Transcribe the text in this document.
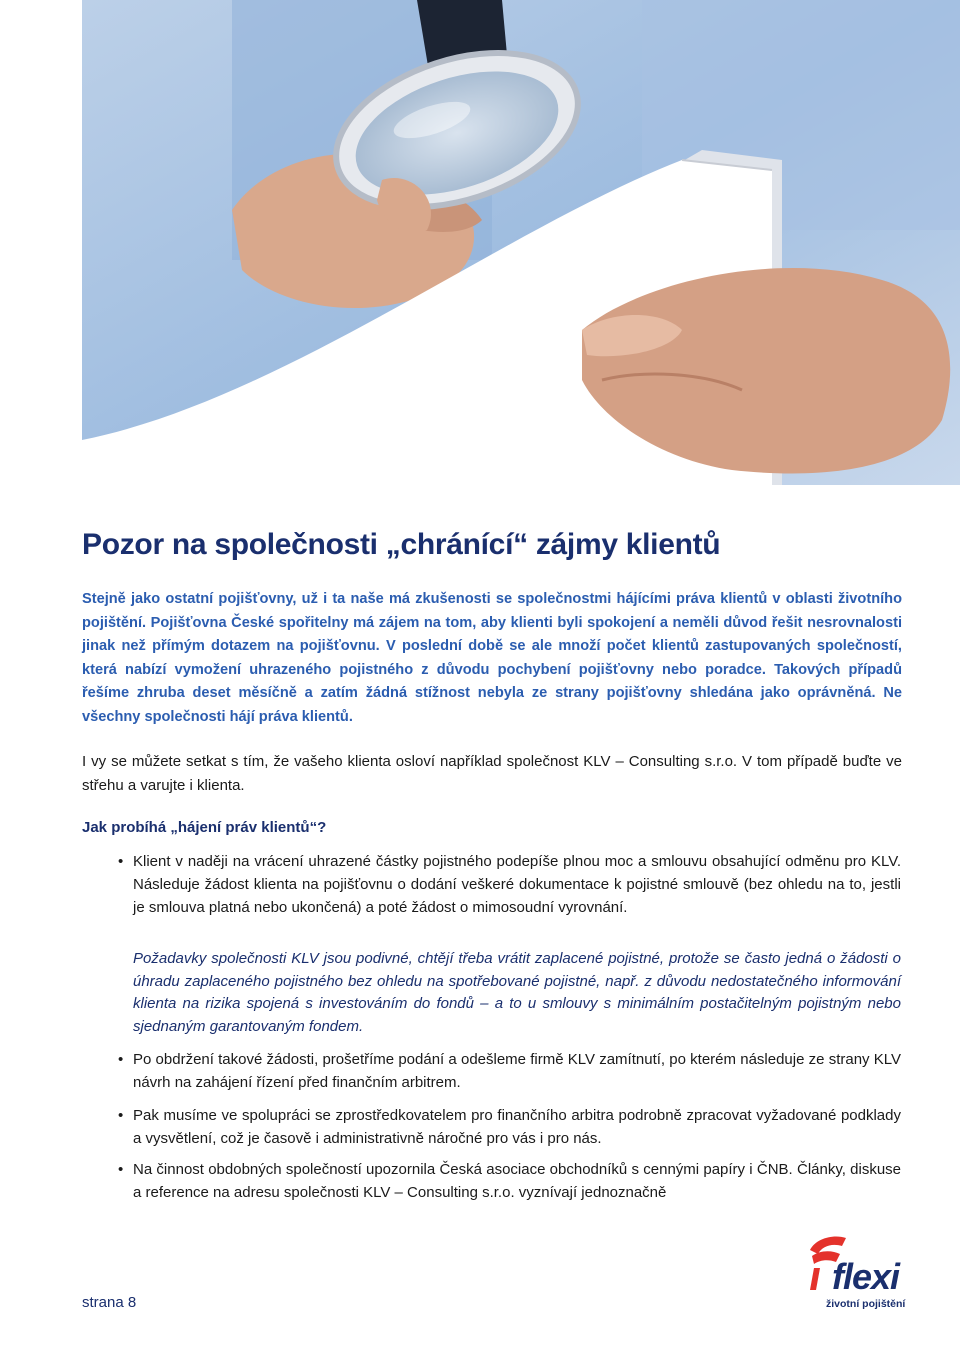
Pozor na společnosti „chránící“ zájmy klientů

Stejně jako ostatní pojišťovny, už i ta naše má zkušenosti se společnostmi hájícími práva klientů v oblasti životního pojištění. Pojišťovna České spořitelny má zájem na tom, aby klienti byli spokojení a neměli důvod řešit nesrovnalosti jinak než přímým dotazem na pojišťovnu. V poslední době se ale množí počet klientů zastupovaných společností, která nabízí vymožení uhrazeného pojistného z důvodu pochybení pojišťovny nebo poradce. Takových případů řešíme zhruba deset měsíčně a zatím žádná stížnost nebyla ze strany pojišťovny shledána jako oprávněná. Ne všechny společnosti hájí práva klientů.

I vy se můžete setkat s tím, že vašeho klienta osloví například společnost KLV – Consulting s.r.o. V tom případě buďte ve střehu a varujte i klienta.

Jak probíhá „hájení práv klientů“?

• Klient v naději na vrácení uhrazené částky pojistného podepíše plnou moc a smlouvu obsahující odměnu pro KLV. Následuje žádost klienta na pojišťovnu o dodání veškeré dokumentace k pojistné smlouvě (bez ohledu na to, jestli je smlouva platná nebo ukončená) a poté žádost o mimosoudní vyrovnání.

Požadavky společnosti KLV jsou podivné, chtějí třeba vrátit zaplacené pojistné, protože se často jedná o žádosti o úhradu zaplaceného pojistného bez ohledu na spotřebované pojistné, např. z důvodu nedostatečného informování klienta na rizika spojená s investováním do fondů – a to u smlouvy s minimálním postačitelným pojistným nebo sjednaným garantovaným fondem.

• Po obdržení takové žádosti, prošetříme podání a odešleme firmě KLV zamítnutí, po kterém následuje ze strany KLV návrh na zahájení řízení před finančním arbitrem.

• Pak musíme ve spolupráci se zprostředkovatelem pro finančního arbitra podrobně zpracovat vyžadované podklady a vysvětlení, což je časově i administrativně náročné pro vás i pro nás.

• Na činnost obdobných společností upozornila Česká asociace obchodníků s cennými papíry i ČNB. Články, diskuse a reference na adresu společnosti KLV – Consulting s.r.o. vyznívají jednoznačně

strana 8
flexi
životní pojištění
